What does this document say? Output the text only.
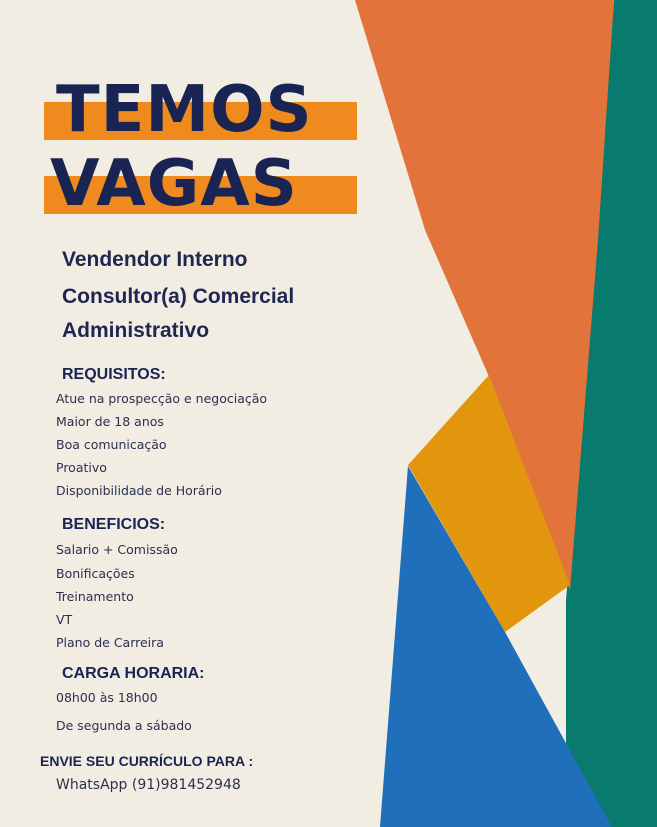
TEMOS
VAGAS
Vendendor Interno
Consultor(a) Comercial
Administrativo
REQUISITOS:
Atue na prospecção e negociação
Maior de 18 anos
Boa comunicação
Proativo
Disponibilidade de Horário
BENEFICIOS:
Salario + Comissão
Bonificações
Treinamento
VT
Plano de Carreira
CARGA HORARIA:
08h00 às 18h00
De segunda a sábado
ENVIE SEU CURRÍCULO PARA :
WhatsApp (91)981452948
